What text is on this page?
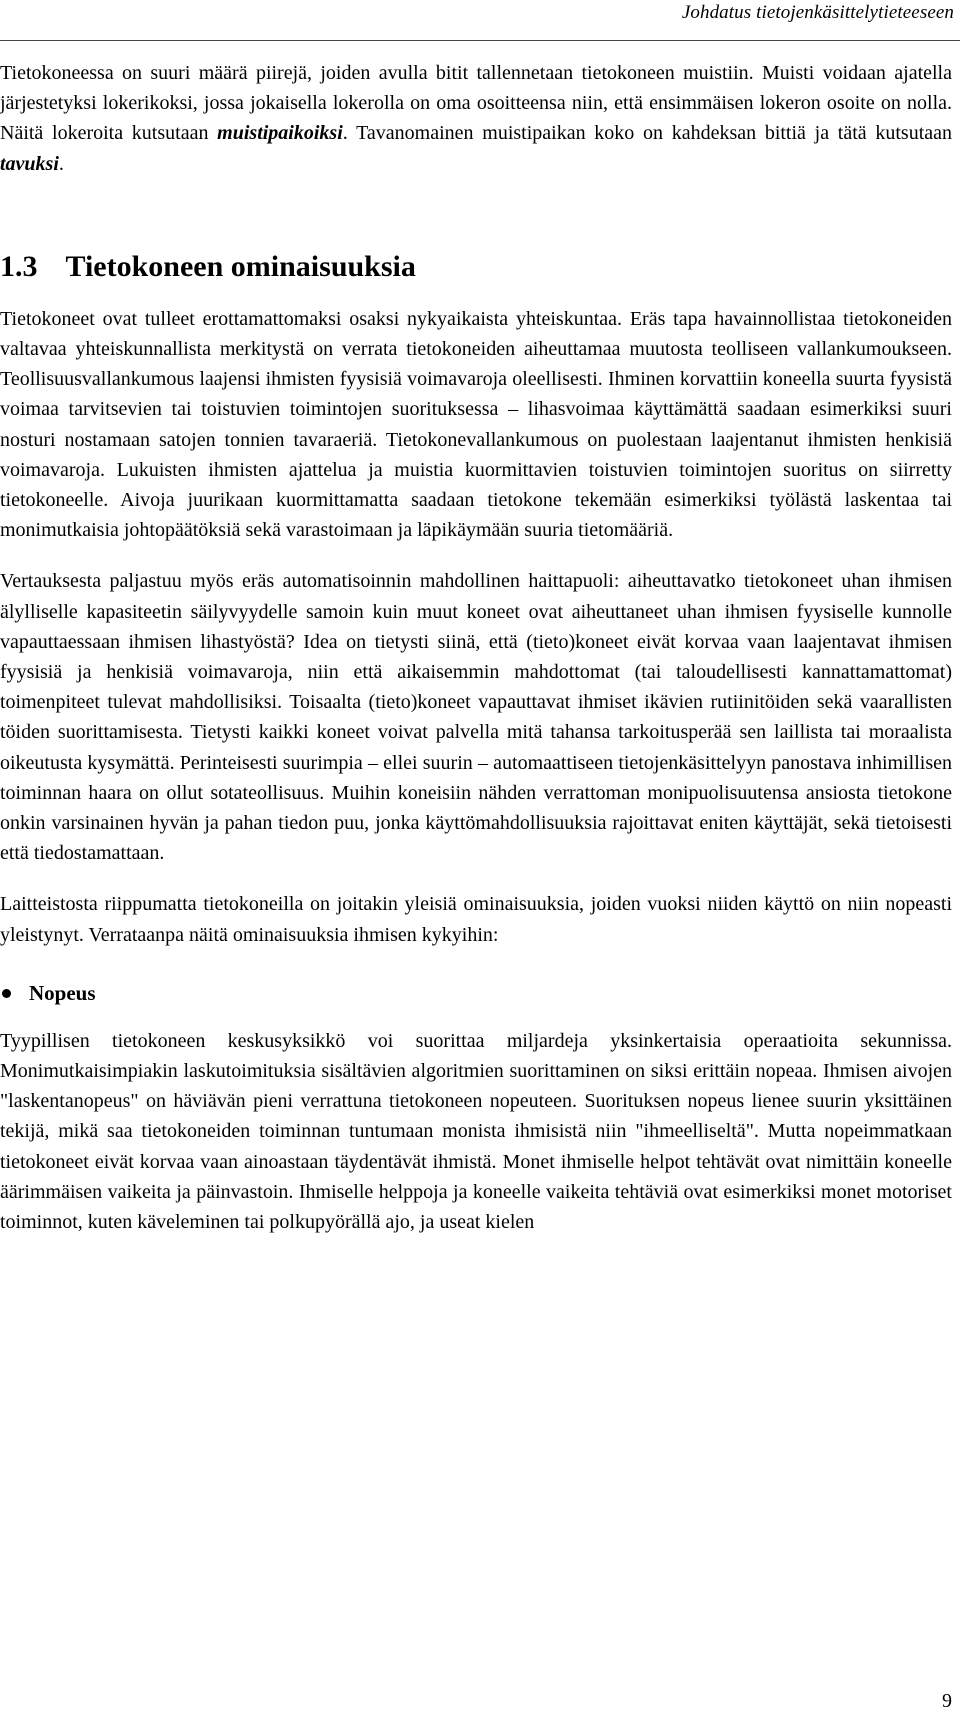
Johdatus tietojenkäsittelytieteeseen

Tietokoneessa on suuri määrä piirejä, joiden avulla bitit tallennetaan tietokoneen muistiin. Muisti voidaan ajatella järjestetyksi lokerikoksi, jossa jokaisella lokerolla on oma osoitteensa niin, että ensimmäisen lokeron osoite on nolla. Näitä lokeroita kutsutaan muistipaikoiksi. Tavanomainen muistipaikan koko on kahdeksan bittiä ja tätä kutsutaan tavuksi.

1.3 Tietokoneen ominaisuuksia

Tietokoneet ovat tulleet erottamattomaksi osaksi nykyaikaista yhteiskuntaa. Eräs tapa havainnollistaa tietokoneiden valtavaa yhteiskunnallista merkitystä on verrata tietokoneiden aiheuttamaa muutosta teolliseen vallankumoukseen. Teollisuusvallankumous laajensi ihmisten fyysisiä voimavaroja oleellisesti. Ihminen korvattiin koneella suurta fyysistä voimaa tarvitsevien tai toistuvien toimintojen suorituksessa – lihasvoimaa käyttämättä saadaan esimerkiksi suuri nosturi nostamaan satojen tonnien tavaraeriä. Tietokonevallankumous on puolestaan laajentanut ihmisten henkisiä voimavaroja. Lukuisten ihmisten ajattelua ja muistia kuormittavien toistuvien toimintojen suoritus on siirretty tietokoneelle. Aivoja juurikaan kuormittamatta saadaan tietokone tekemään esimerkiksi työlästä laskentaa tai monimutkaisia johtopäätöksiä sekä varastoimaan ja läpikäymään suuria tietomääriä.

Vertauksesta paljastuu myös eräs automatisoinnin mahdollinen haittapuoli: aiheuttavatko tietokoneet uhan ihmisen älylliselle kapasiteetin säilyvyydelle samoin kuin muut koneet ovat aiheuttaneet uhan ihmisen fyysiselle kunnolle vapauttaessaan ihmisen lihastyöstä? Idea on tietysti siinä, että (tieto)koneet eivät korvaa vaan laajentavat ihmisen fyysisiä ja henkisiä voimavaroja, niin että aikaisemmin mahdottomat (tai taloudellisesti kannattamattomat) toimenpiteet tulevat mahdollisiksi. Toisaalta (tieto)koneet vapauttavat ihmiset ikävien rutiinitöiden sekä vaarallisten töiden suorittamisesta. Tietysti kaikki koneet voivat palvella mitä tahansa tarkoitusperää sen laillista tai moraalista oikeutusta kysymättä. Perinteisesti suurimpia – ellei suurin – automaattiseen tietojenkäsittelyyn panostava inhimillisen toiminnan haara on ollut sotateollisuus. Muihin koneisiin nähden verrattoman monipuolisuutensa ansiosta tietokone onkin varsinainen hyvän ja pahan tiedon puu, jonka käyttömahdollisuuksia rajoittavat eniten käyttäjät, sekä tietoisesti että tiedostamattaan.

Laitteistosta riippumatta tietokoneilla on joitakin yleisiä ominaisuuksia, joiden vuoksi niiden käyttö on niin nopeasti yleistynyt. Verrataanpa näitä ominaisuuksia ihmisen kykyihin:

Nopeus

Tyypillisen tietokoneen keskusyksikkö voi suorittaa miljardeja yksinkertaisia operaatioita sekunnissa. Monimutkaisimpiakin laskutoimituksia sisältävien algoritmien suorittaminen on siksi erittäin nopeaa. Ihmisen aivojen "laskentanopeus" on häviävän pieni verrattuna tietokoneen nopeuteen. Suorituksen nopeus lienee suurin yksittäinen tekijä, mikä saa tietokoneiden toiminnan tuntumaan monista ihmisistä niin "ihmeelliseltä". Mutta nopeimmatkaan tietokoneet eivät korvaa vaan ainoastaan täydentävät ihmistä. Monet ihmiselle helpot tehtävät ovat nimittäin koneelle äärimmäisen vaikeita ja päinvastoin. Ihmiselle helppoja ja koneelle vaikeita tehtäviä ovat esimerkiksi monet motoriset toiminnot, kuten käveleminen tai polkupyörällä ajo, ja useat kielen

9
